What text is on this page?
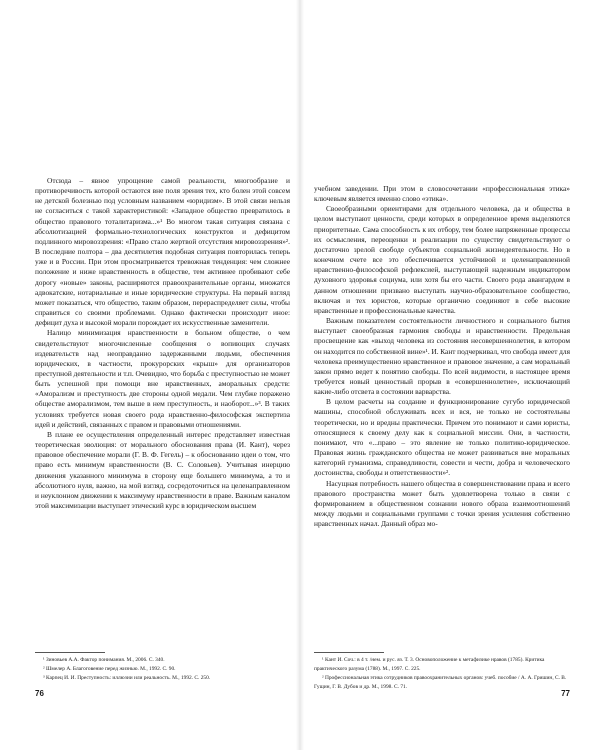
Отсюда – явное упрощение самой реальности, многообразие и противоречивость которой остаются вне поля зрения тех, кто болен этой совсем не детской болезнью под условным названием «юридизм». В этой связи нельзя не согласиться с такой характеристикой: «Западное общество превратилось в общество правового тоталитаризма...»¹ Во многом такая ситуация связана с абсолютизацией формально-технологических конструктов и дефицитом подлинного мировоззрения: «Право стало жертвой отсутствия мировоззрения»². В последние полтора – два десятилетия подобная ситуация повторилась теперь уже и в России. При этом просматривается тревожная тенденция: чем сложнее положение и ниже нравственность в обществе, тем активнее пробивают себе дорогу «новые» законы, расширяются правоохранительные органы, множатся адвокатские, нотариальные и иные юридические структуры. На первый взгляд может показаться, что общество, таким образом, перераспределяет силы, чтобы справиться со своими проблемами. Однако фактически происходит иное: дефицит духа и высокой морали порождает их искусственные заменители.

Налицо минимизация нравственности в больном обществе, о чем свидетельствуют многочисленные сообщения о вопиющих случаях издевательств над неоправданно задержанными людьми, обеспечения юридических, в частности, прокурорских «крыш» для организаторов преступной деятельности и т.п. Очевидно, что борьба с преступностью не может быть успешной при помощи вне нравственных, аморальных средств: «Аморализм и преступность две стороны одной медали. Чем глубже поражено обществе аморализмом, тем выше в нем преступность, и наоборот...»³. В таких условиях требуется новая своего рода нравственно-философская экспертиза идей и действий, связанных с правом и правовыми отношениями.

В плане ее осуществления определенный интерес представляет известная теоретическая эволюция: от морального обоснования права (И. Кант), через правовое обеспечение морали (Г. В. Ф. Гегель) – к обоснованию идеи о том, что право есть минимум нравственности (В. С. Соловьев). Учитывая инерцию движения указанного минимума в сторону еще большего минимума, а то и абсолютного нуля, важно, на мой взгляд, сосредоточиться на целенаправленном и неуклонном движении к максимуму нравственности в праве. Важным каналом этой максимизации выступает этический курс в юридическом высшем

¹ Зиновьев А.А. Фактор понимания. М., 2006. С. 340.

² Шмелер А. Благоговение перед жизнью. М., 1992. С. 90.

³ Карпец И. И. Преступность: иллюзии или реальность. М., 1992. С. 250.

76

учебном заведении. При этом в словосочетании «профессиональная этика» ключевым является именно слово «этика».

Своеобразными ориентирами для отдельного человека, да и общества в целом выступают ценности, среди которых в определенное время выделяются приоритетные. Сама способность к их отбору, тем более напряженные процессы их осмысления, переоценки и реализации по существу свидетельствуют о достаточно зрелой свободе субъектов социальной жизнедеятельности. Но в конечном счете все это обеспечивается устойчивой и целенаправленной нравственно-философской рефлексией, выступающей надежным индикатором духовного здоровья социума, или хотя бы его части. Своего рода авангардом в данном отношении призвано выступать научно-образовательное сообщество, включая и тех юристов, которые органично соединяют в себе высокие нравственные и профессиональные качества.

Важным показателем состоятельности личностного и социального бытия выступает своеобразная гармония свободы и нравственности. Предельная просвещение как «выход человека из состояния несовершеннолетия, в котором он находится по собственной вине»¹. И. Кант подчеркивал, что свобода имеет для человека преимущественно нравственное и правовое значение, а сам моральный закон прямо ведет к понятию свободы. По всей видимости, в настоящее время требуется новый ценностный прорыв в «совершеннолетие», исключающий какие-либо отсвета в состоянии варварства.

В целом расчеты на создание и функционирование сугубо юридической машины, способной обслуживать всех и вся, не только не состоятельны теоретически, но и вредны практически. Причем это понимают и сами юристы, относящиеся к своему делу как к социальной миссии. Они, в частности, понимают, что «...право – это явление не только политико-юридическое. Правовая жизнь гражданского общества не может развиваться вне моральных категорий гуманизма, справедливости, совести и чести, добра и человеческого достоинства, свободы и ответственности»².

Насущная потребность нашего общества в совершенствовании права и всего правового пространства может быть удовлетворена только в связи с формированием в общественном сознании нового образа взаимоотношений между людьми и социальными группами с точки зрения усиления собственно нравственных начал. Данный образ мо-

¹ Кант И. Соч.: в 4 т. /нем. и рус. яз. Т. 3. Основоположение к метафизике нравов (1785). Критика практического разума (1788). М., 1997. С. 225.

² Профессиональная этика сотрудников правоохранительных органов: учеб. пособие / А. А. Гришин, С. В. Гущин, Г. В. Дубов и др. М., 1998. С. 71.

77
